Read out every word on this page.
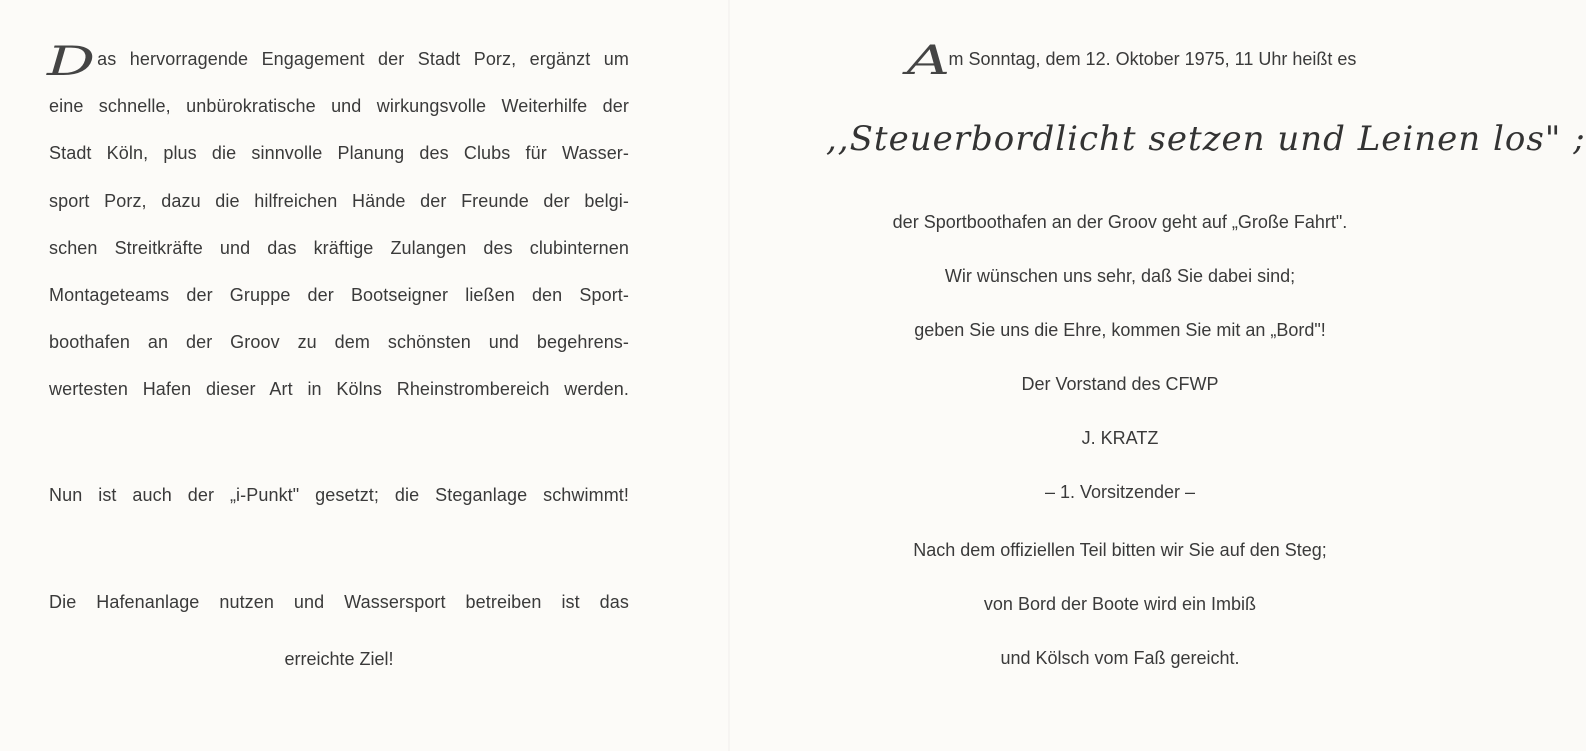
D as hervorragende Engagement der Stadt Porz, ergänzt um
eine schnelle, unbürokratische und wirkungsvolle Weiterhilfe der
Stadt Köln, plus die sinnvolle Planung des Clubs für Wasser-
sport Porz, dazu die hilfreichen Hände der Freunde der belgi-
schen Streitkräfte und das kräftige Zulangen des clubinternen
Montageteams der Gruppe der Bootseigner ließen den Sport-
boothafen an der Groov zu dem schönsten und begehrens-
wertesten Hafen dieser Art in Kölns Rheinstrombereich werden.
Nun ist auch der „i-Punkt" gesetzt; die Steganlage schwimmt!
Die Hafenanlage nutzen und Wassersport betreiben ist das
erreichte Ziel!
A
m Sonntag, dem 12. Oktober 1975, 11 Uhr heißt es
,,Steuerbordlicht setzen und Leinen los" ;
der Sportboothafen an der Groov geht auf „Große Fahrt".
Wir wünschen uns sehr, daß Sie dabei sind;
geben Sie uns die Ehre, kommen Sie mit an „Bord"!
Der Vorstand des CFWP
J. KRATZ
– 1. Vorsitzender –
Nach dem offiziellen Teil bitten wir Sie auf den Steg;
von Bord der Boote wird ein Imbiß
und Kölsch vom Faß gereicht.
